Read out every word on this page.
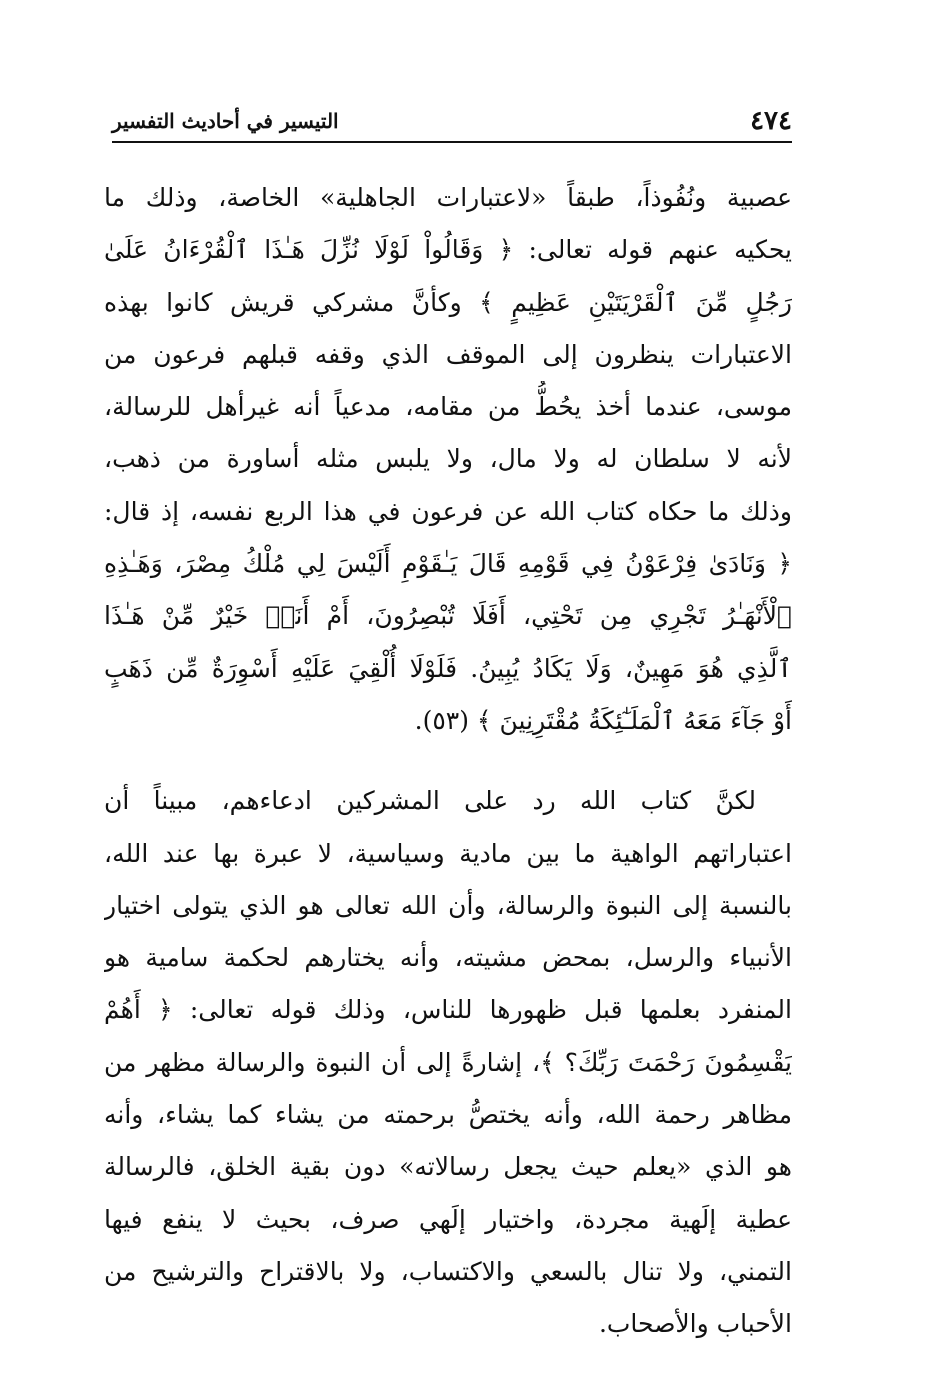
٤٧٤
التيسير في أحاديث التفسير
عصبية ونُفُوذاً، طبقاً «لاعتبارات الجاهلية» الخاصة، وذلك ما
يحكيه عنهم قوله تعالى: ﴿ وَقَالُواْ لَوْلَا نُزِّلَ هَـٰذَا ٱلْقُرْءَانُ عَلَىٰ
رَجُلٍ مِّنَ ٱلْقَرْيَتَيْنِ عَظِيمٍ ﴾ وكأنَّ مشركي قريش كانوا بهذه
الاعتبارات ينظرون إلى الموقف الذي وقفه قبلهم فرعون من
موسى، عندما أخذ يحُطُّ من مقامه، مدعياً أنه غيرأهل للرسالة،
لأنه لا سلطان له ولا مال، ولا يلبس مثله أساورة من ذهب،
وذلك ما حكاه كتاب الله عن فرعون في هذا الربع نفسه، إذ قال:
﴿ وَنَادَىٰ فِرْعَوْنُ فِي قَوْمِهِ قَالَ يَـٰقَوْمِ أَلَيْسَ لِي مُلْكُ مِصْرَ، وَهَـٰذِهِ
ٱلْأَنْهَـٰرُ تَجْرِي مِن تَحْتِي، أَفَلَا تُبْصِرُونَ، أَمْ أَنَا۠ خَيْرٌ مِّنْ هَـٰذَا
ٱلَّذِي هُوَ مَهِينٌ، وَلَا يَكَادُ يُبِينُ. فَلَوْلَا أُلْقِيَ عَلَيْهِ أَسْوِرَةٌ مِّن ذَهَبٍ
أَوْ جَآءَ مَعَهُ ٱلْمَلَـٰٓئِكَةُ مُقْتَرِنِينَ ﴾ (٥٣).
لكنَّ كتاب الله رد على المشركين ادعاءهم، مبيناً أن
اعتباراتهم الواهية ما بين مادية وسياسية، لا عبرة بها عند الله،
بالنسبة إلى النبوة والرسالة، وأن الله تعالى هو الذي يتولى اختيار
الأنبياء والرسل، بمحض مشيته، وأنه يختارهم لحكمة سامية هو
المنفرد بعلمها قبل ظهورها للناس، وذلك قوله تعالى: ﴿ أَهُمْ
يَقْسِمُونَ رَحْمَتَ رَبِّكَ؟ ﴾، إشارةً إلى أن النبوة والرسالة مظهر من
مظاهر رحمة الله، وأنه يختصُّ برحمته من يشاء كما يشاء، وأنه
هو الذي «يعلم حيث يجعل رسالاته» دون بقية الخلق، فالرسالة
عطية إلَهية مجردة، واختيار إلَهي صرف، بحيث لا ينفع فيها
التمني، ولا تنال بالسعي والاكتساب، ولا بالاقتراح والترشيح من
الأحباب والأصحاب.
